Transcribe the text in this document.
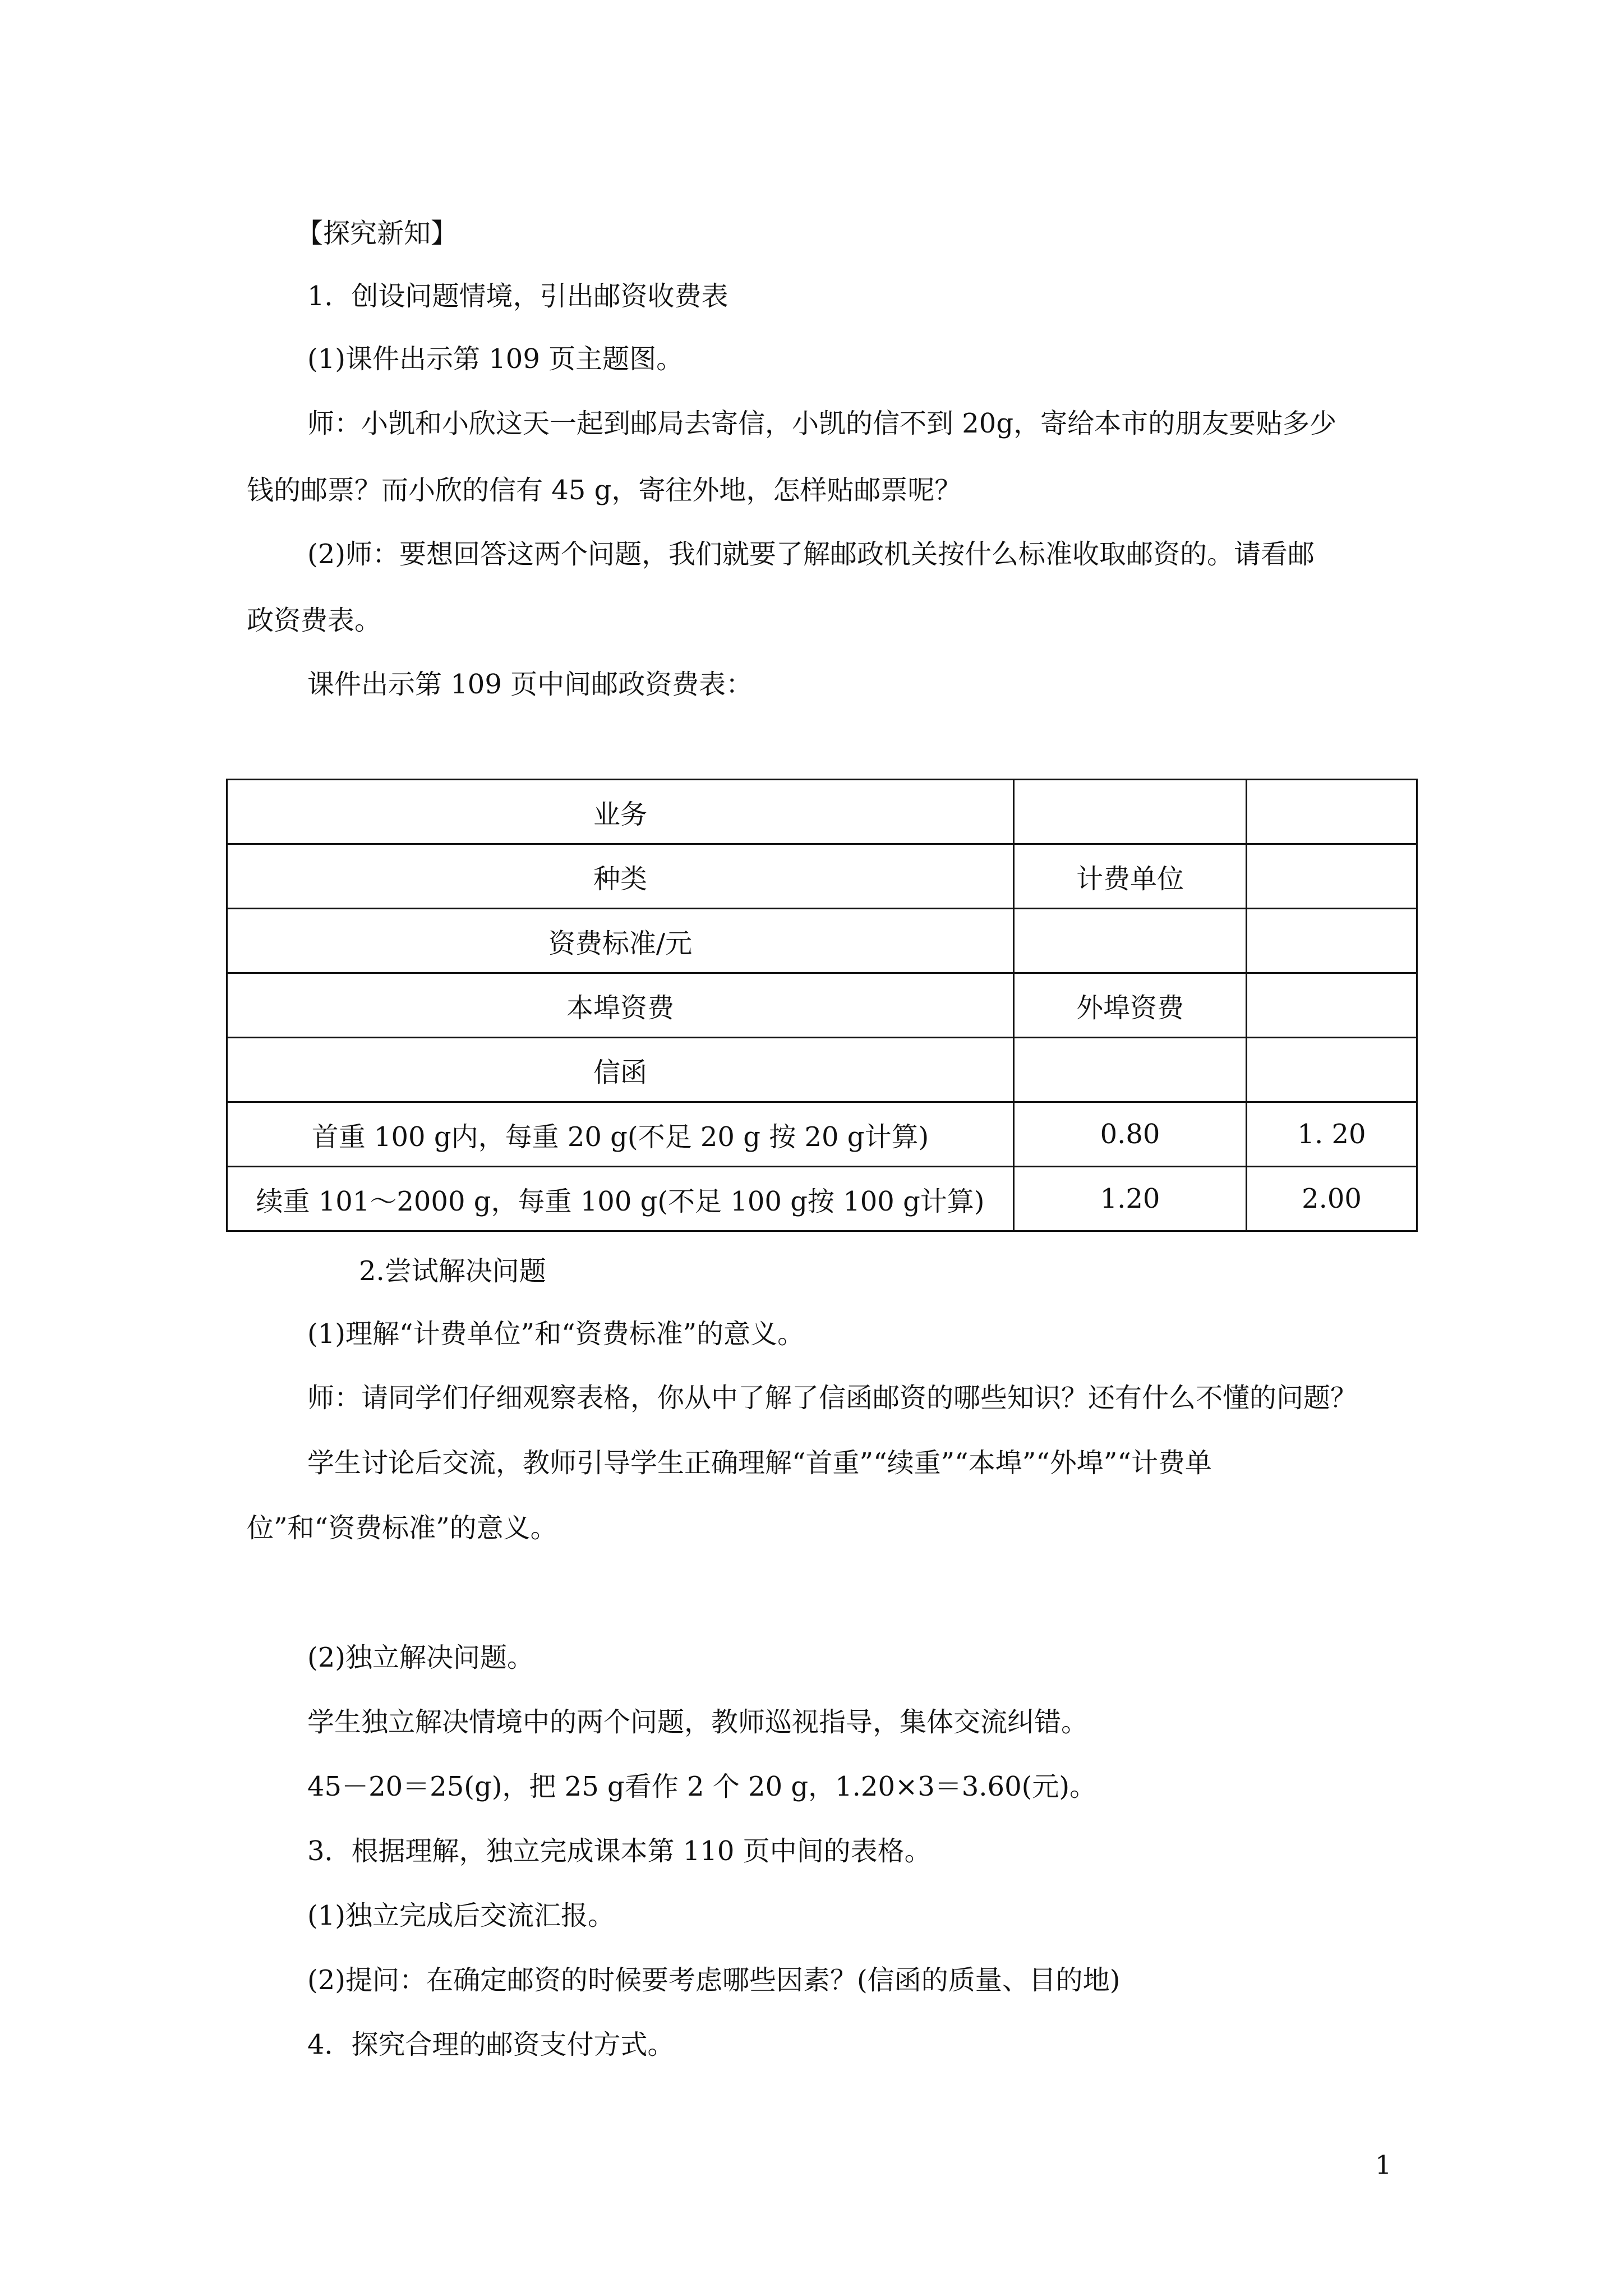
【探究新知】
1．创设问题情境，引出邮资收费表
(1)课件出示第 109 页主题图。
师：小凯和小欣这天一起到邮局去寄信，小凯的信不到 20g，寄给本市的朋友要贴多少
钱的邮票？而小欣的信有 45 g，寄往外地，怎样贴邮票呢？
(2)师：要想回答这两个问题，我们就要了解邮政机关按什么标准收取邮资的。请看邮
政资费表。
课件出示第 109 页中间邮政资费表：
业务		
种类	计费单位	
资费标准/元		
本埠资费	外埠资费	
信函		
首重 100 g内，每重 20 g(不足 20 g 按 20 g计算)	0.80	1. 20
续重 101～2000 g，每重 100 g(不足 100 g按 100 g计算)	1.20	2.00
2.尝试解决问题
(1)理解“计费单位”和“资费标准”的意义。
师：请同学们仔细观察表格，你从中了解了信函邮资的哪些知识？还有什么不懂的问题？
学生讨论后交流，教师引导学生正确理解“首重”“续重”“本埠”“外埠”“计费单
位”和“资费标准”的意义。
(2)独立解决问题。
学生独立解决情境中的两个问题，教师巡视指导，集体交流纠错。
45－20＝25(g)，把 25 g看作 2 个 20 g，1.20×3＝3.60(元)。
3．根据理解，独立完成课本第 110 页中间的表格。
(1)独立完成后交流汇报。
(2)提问：在确定邮资的时候要考虑哪些因素？(信函的质量、目的地)
4．探究合理的邮资支付方式。
1
